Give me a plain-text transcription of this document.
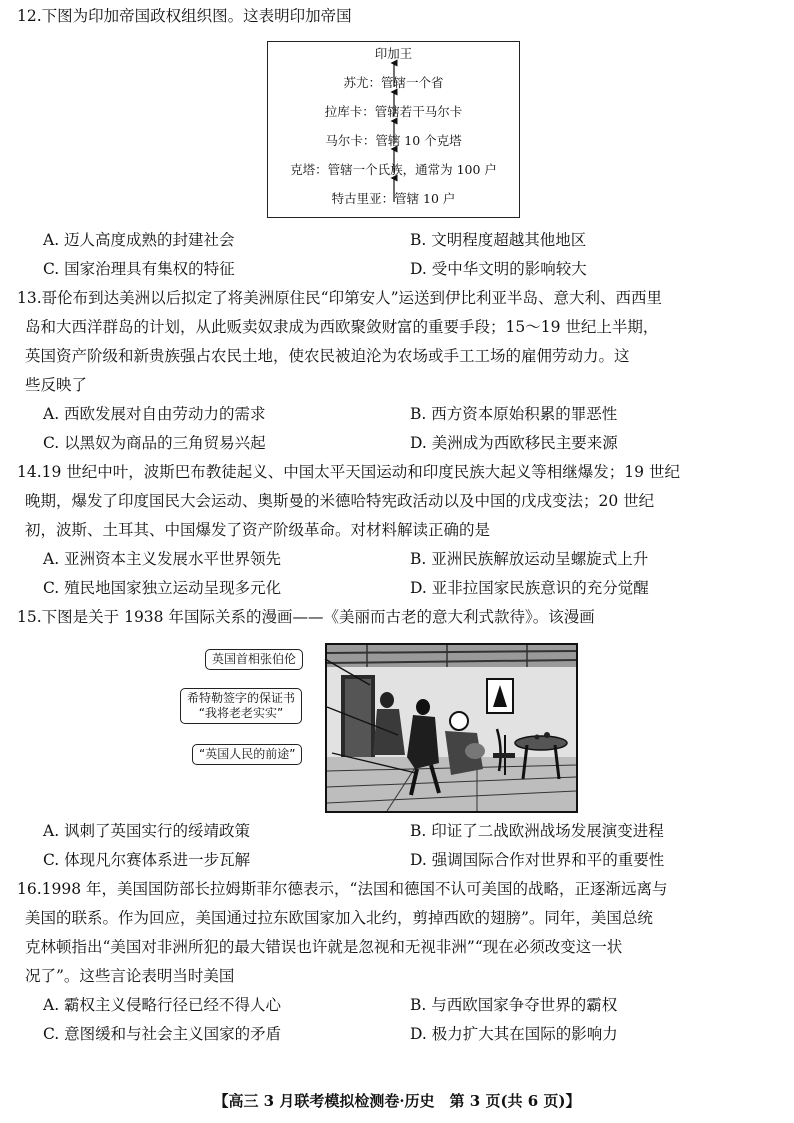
12.下图为印加帝国政权组织图。这表明印加帝国

印加王
苏尤：管辖一个省
拉库卡：管辖若干马尔卡
马尔卡：管辖 10 个克塔
克塔：管辖一个氏族，通常为 100 户
特古里亚：管辖 10 户
A. 迈人高度成熟的封建社会	B. 文明程度超越其他地区
C. 国家治理具有集权的特征	D. 受中华文明的影响较大

13.哥伦布到达美洲以后拟定了将美洲原住民“印第安人”运送到伊比利亚半岛、意大利、西西里

岛和大西洋群岛的计划，从此贩卖奴隶成为西欧聚敛财富的重要手段；15～19 世纪上半期，

英国资产阶级和新贵族强占农民土地，使农民被迫沦为农场或手工工场的雇佣劳动力。这

些反映了

A. 西欧发展对自由劳动力的需求	B. 西方资本原始积累的罪恶性
C. 以黑奴为商品的三角贸易兴起	D. 美洲成为西欧移民主要来源

14.19 世纪中叶，波斯巴布教徒起义、中国太平天国运动和印度民族大起义等相继爆发；19 世纪

晚期，爆发了印度国民大会运动、奥斯曼的米德哈特宪政活动以及中国的戊戌变法；20 世纪

初，波斯、土耳其、中国爆发了资产阶级革命。对材料解读正确的是

A. 亚洲资本主义发展水平世界领先	B. 亚洲民族解放运动呈螺旋式上升
C. 殖民地国家独立运动呈现多元化	D. 亚非拉国家民族意识的充分觉醒

15.下图是关于 1938 年国际关系的漫画——《美丽而古老的意大利式款待》。该漫画

英国首相张伯伦
希特勒签字的保证书
“我将老老实实”
“英国人民的前途”
A. 讽刺了英国实行的绥靖政策	B. 印证了二战欧洲战场发展演变进程
C. 体现凡尔赛体系进一步瓦解	D. 强调国际合作对世界和平的重要性

16.1998 年，美国国防部长拉姆斯菲尔德表示，“法国和德国不认可美国的战略，正逐渐远离与

美国的联系。作为回应，美国通过拉东欧国家加入北约，剪掉西欧的翅膀”。同年，美国总统

克林顿指出“美国对非洲所犯的最大错误也许就是忽视和无视非洲”“现在必须改变这一状

况了”。这些言论表明当时美国

A. 霸权主义侵略行径已经不得人心	B. 与西欧国家争夺世界的霸权
C. 意图缓和与社会主义国家的矛盾	D. 极力扩大其在国际的影响力
【高三 3 月联考模拟检测卷·历史　第 3 页(共 6 页)】
